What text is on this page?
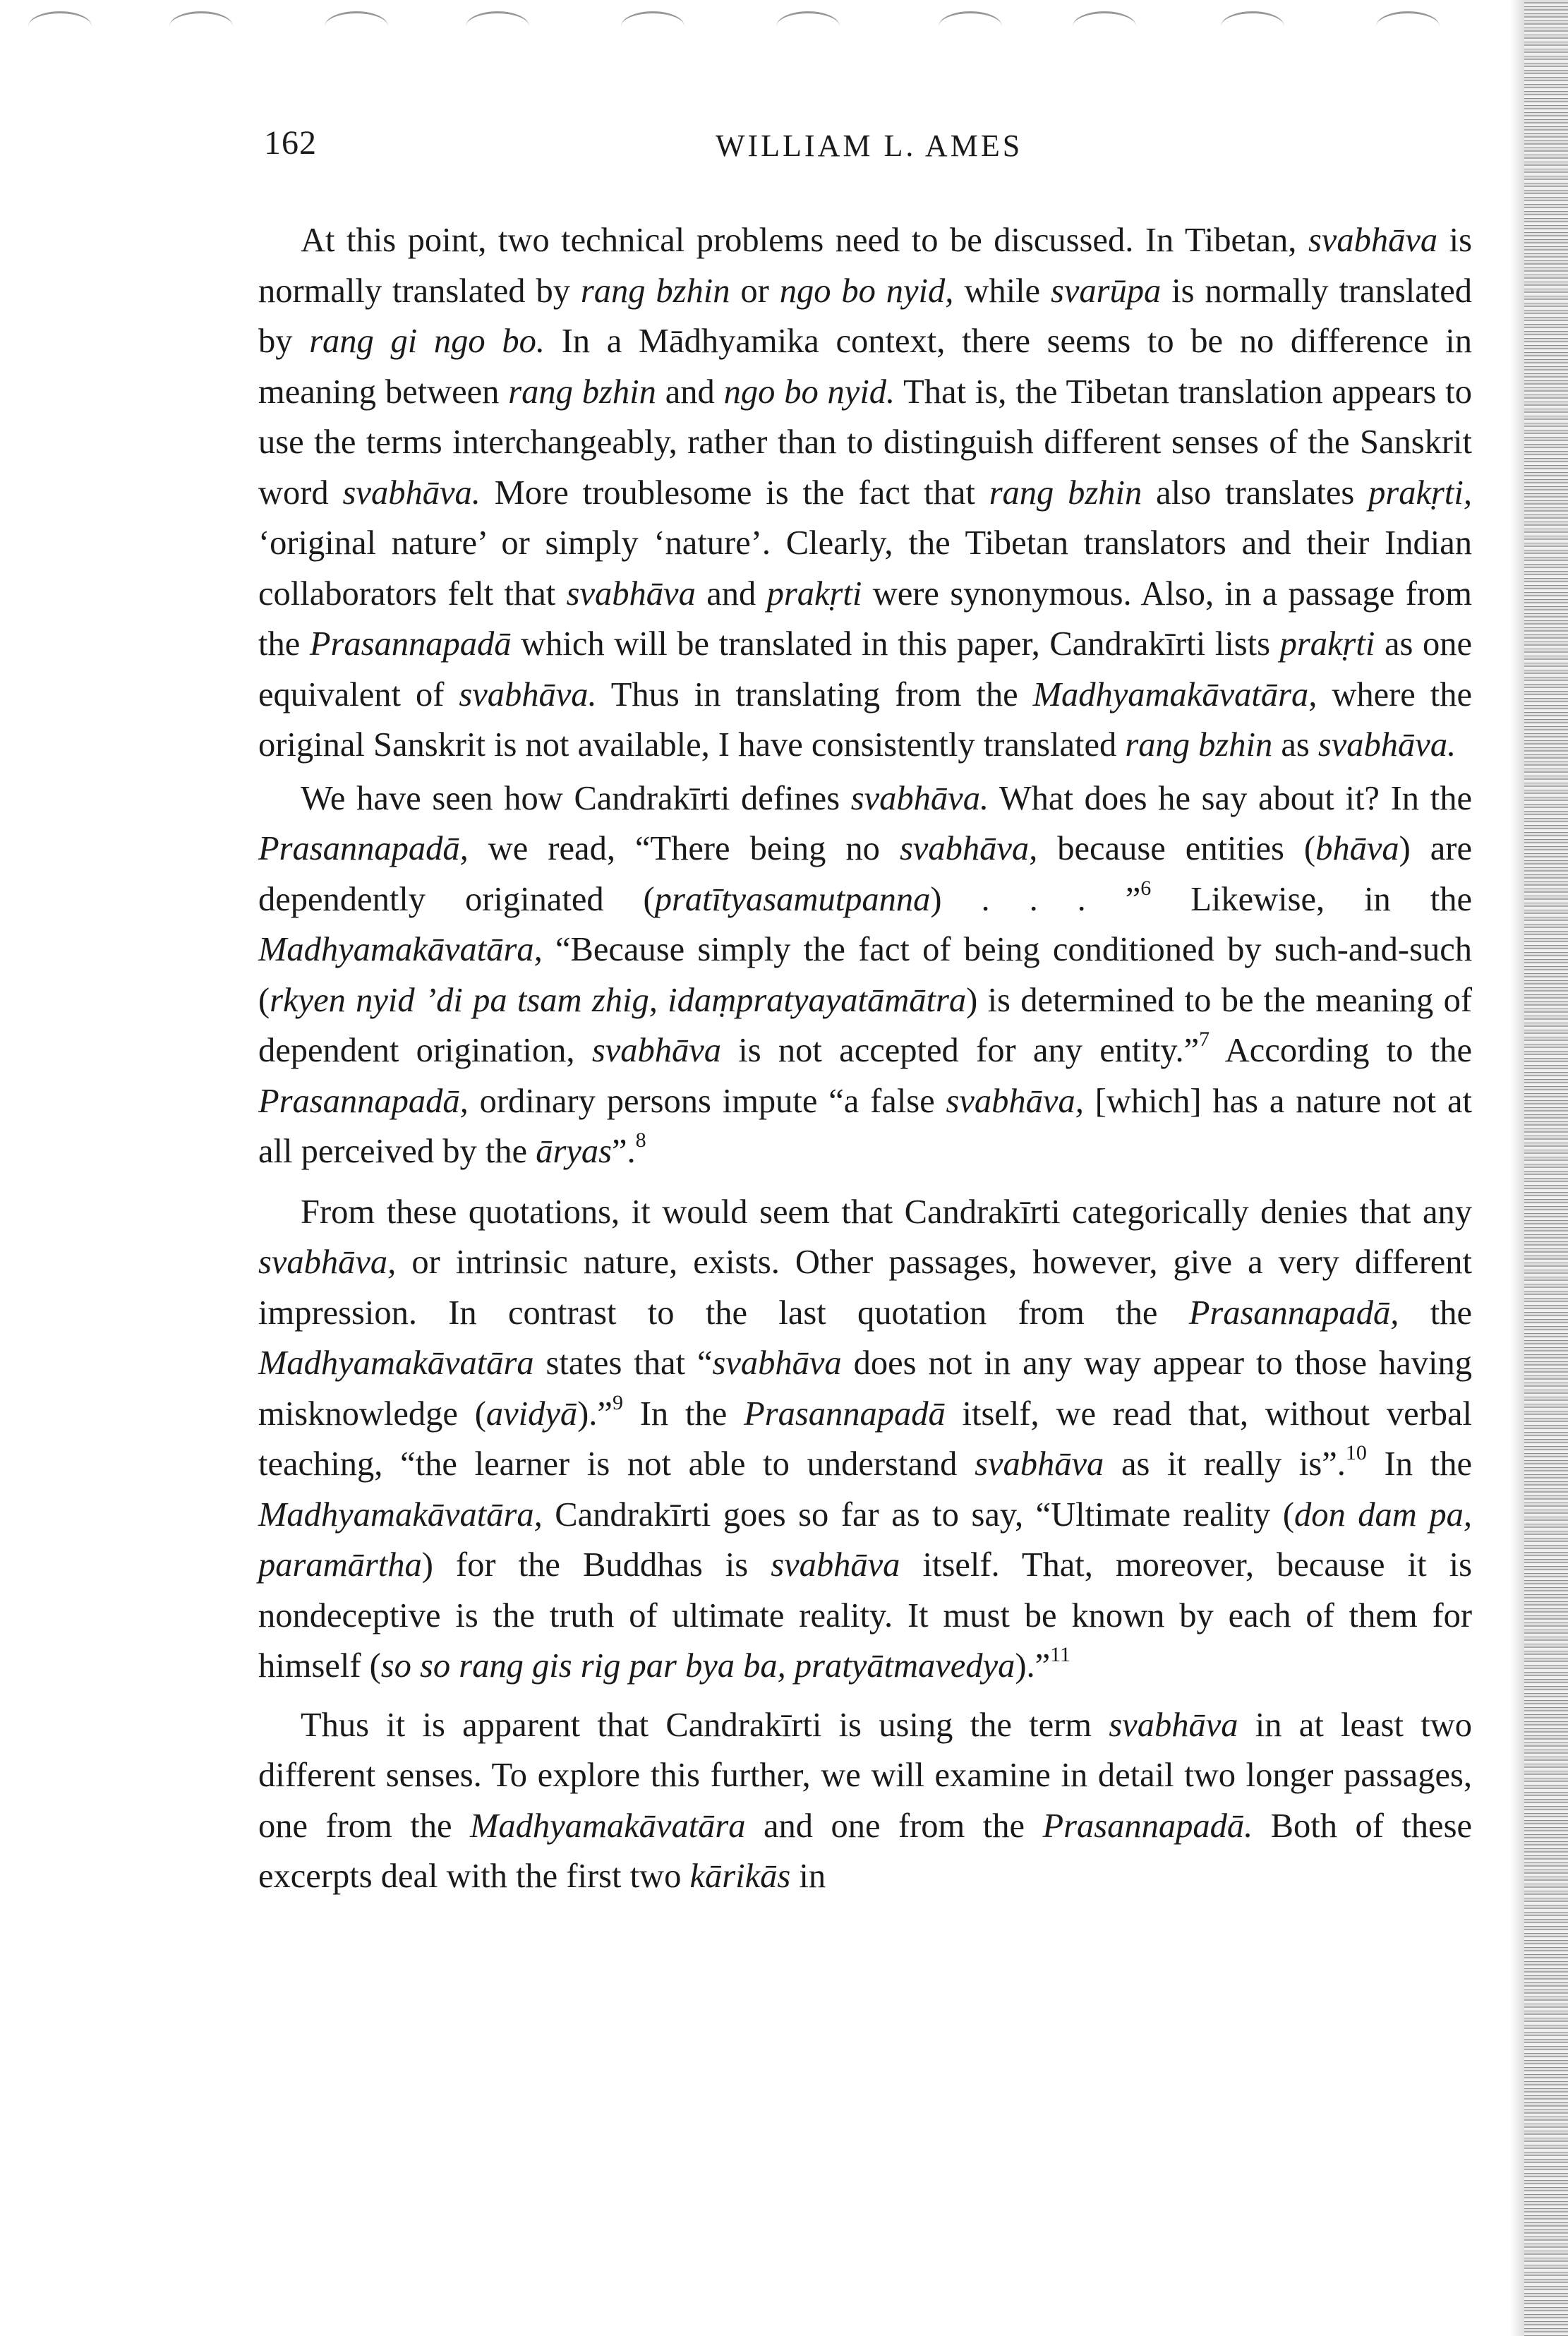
162	WILLIAM L. AMES

At this point, two technical problems need to be discussed. In Tibetan, svabhāva is normally translated by rang bzhin or ngo bo nyid, while svarūpa is normally translated by rang gi ngo bo. In a Mādhyamika context, there seems to be no difference in meaning between rang bzhin and ngo bo nyid. That is, the Tibetan translation appears to use the terms interchangeably, rather than to distinguish different senses of the Sanskrit word svabhāva. More troublesome is the fact that rang bzhin also translates prakṛti, ‘original nature’ or simply ‘nature’. Clearly, the Tibetan translators and their Indian collaborators felt that svabhāva and prakṛti were synonymous. Also, in a passage from the Prasannapadā which will be translated in this paper, Candrakīrti lists prakṛti as one equivalent of svabhāva. Thus in translating from the Madhyamakāvatāra, where the original Sanskrit is not available, I have consistently translated rang bzhin as svabhāva.

We have seen how Candrakīrti defines svabhāva. What does he say about it? In the Prasannapadā, we read, “There being no svabhāva, because entities (bhāva) are dependently originated (pratītyasamutpanna) . . . ”$^6$ Likewise, in the Madhyamakāvatāra, “Because simply the fact of being conditioned by such-and-such (rkyen nyid ’di pa tsam zhig, idaṃpratyayatāmātra) is determined to be the meaning of dependent origination, svabhāva is not accepted for any entity.”$^7$ According to the Prasannapadā, ordinary persons impute “a false svabhāva, [which] has a nature not at all perceived by the āryas”.$^8$

From these quotations, it would seem that Candrakīrti categorically denies that any svabhāva, or intrinsic nature, exists. Other passages, however, give a very different impression. In contrast to the last quotation from the Prasannapadā, the Madhyamakāvatāra states that “svabhāva does not in any way appear to those having misknowledge (avidyā).”$^9$ In the Prasannapadā itself, we read that, without verbal teaching, “the learner is not able to understand svabhāva as it really is”.$^{10}$ In the Madhyamakāvatāra, Candrakīrti goes so far as to say, “Ultimate reality (don dam pa, paramārtha) for the Buddhas is svabhāva itself. That, moreover, because it is nondeceptive is the truth of ultimate reality. It must be known by each of them for himself (so so rang gis rig par bya ba, pratyātmavedya).”$^{11}$

Thus it is apparent that Candrakīrti is using the term svabhāva in at least two different senses. To explore this further, we will examine in detail two longer passages, one from the Madhyamakāvatāra and one from the Prasannapadā. Both of these excerpts deal with the first two kārikās in
